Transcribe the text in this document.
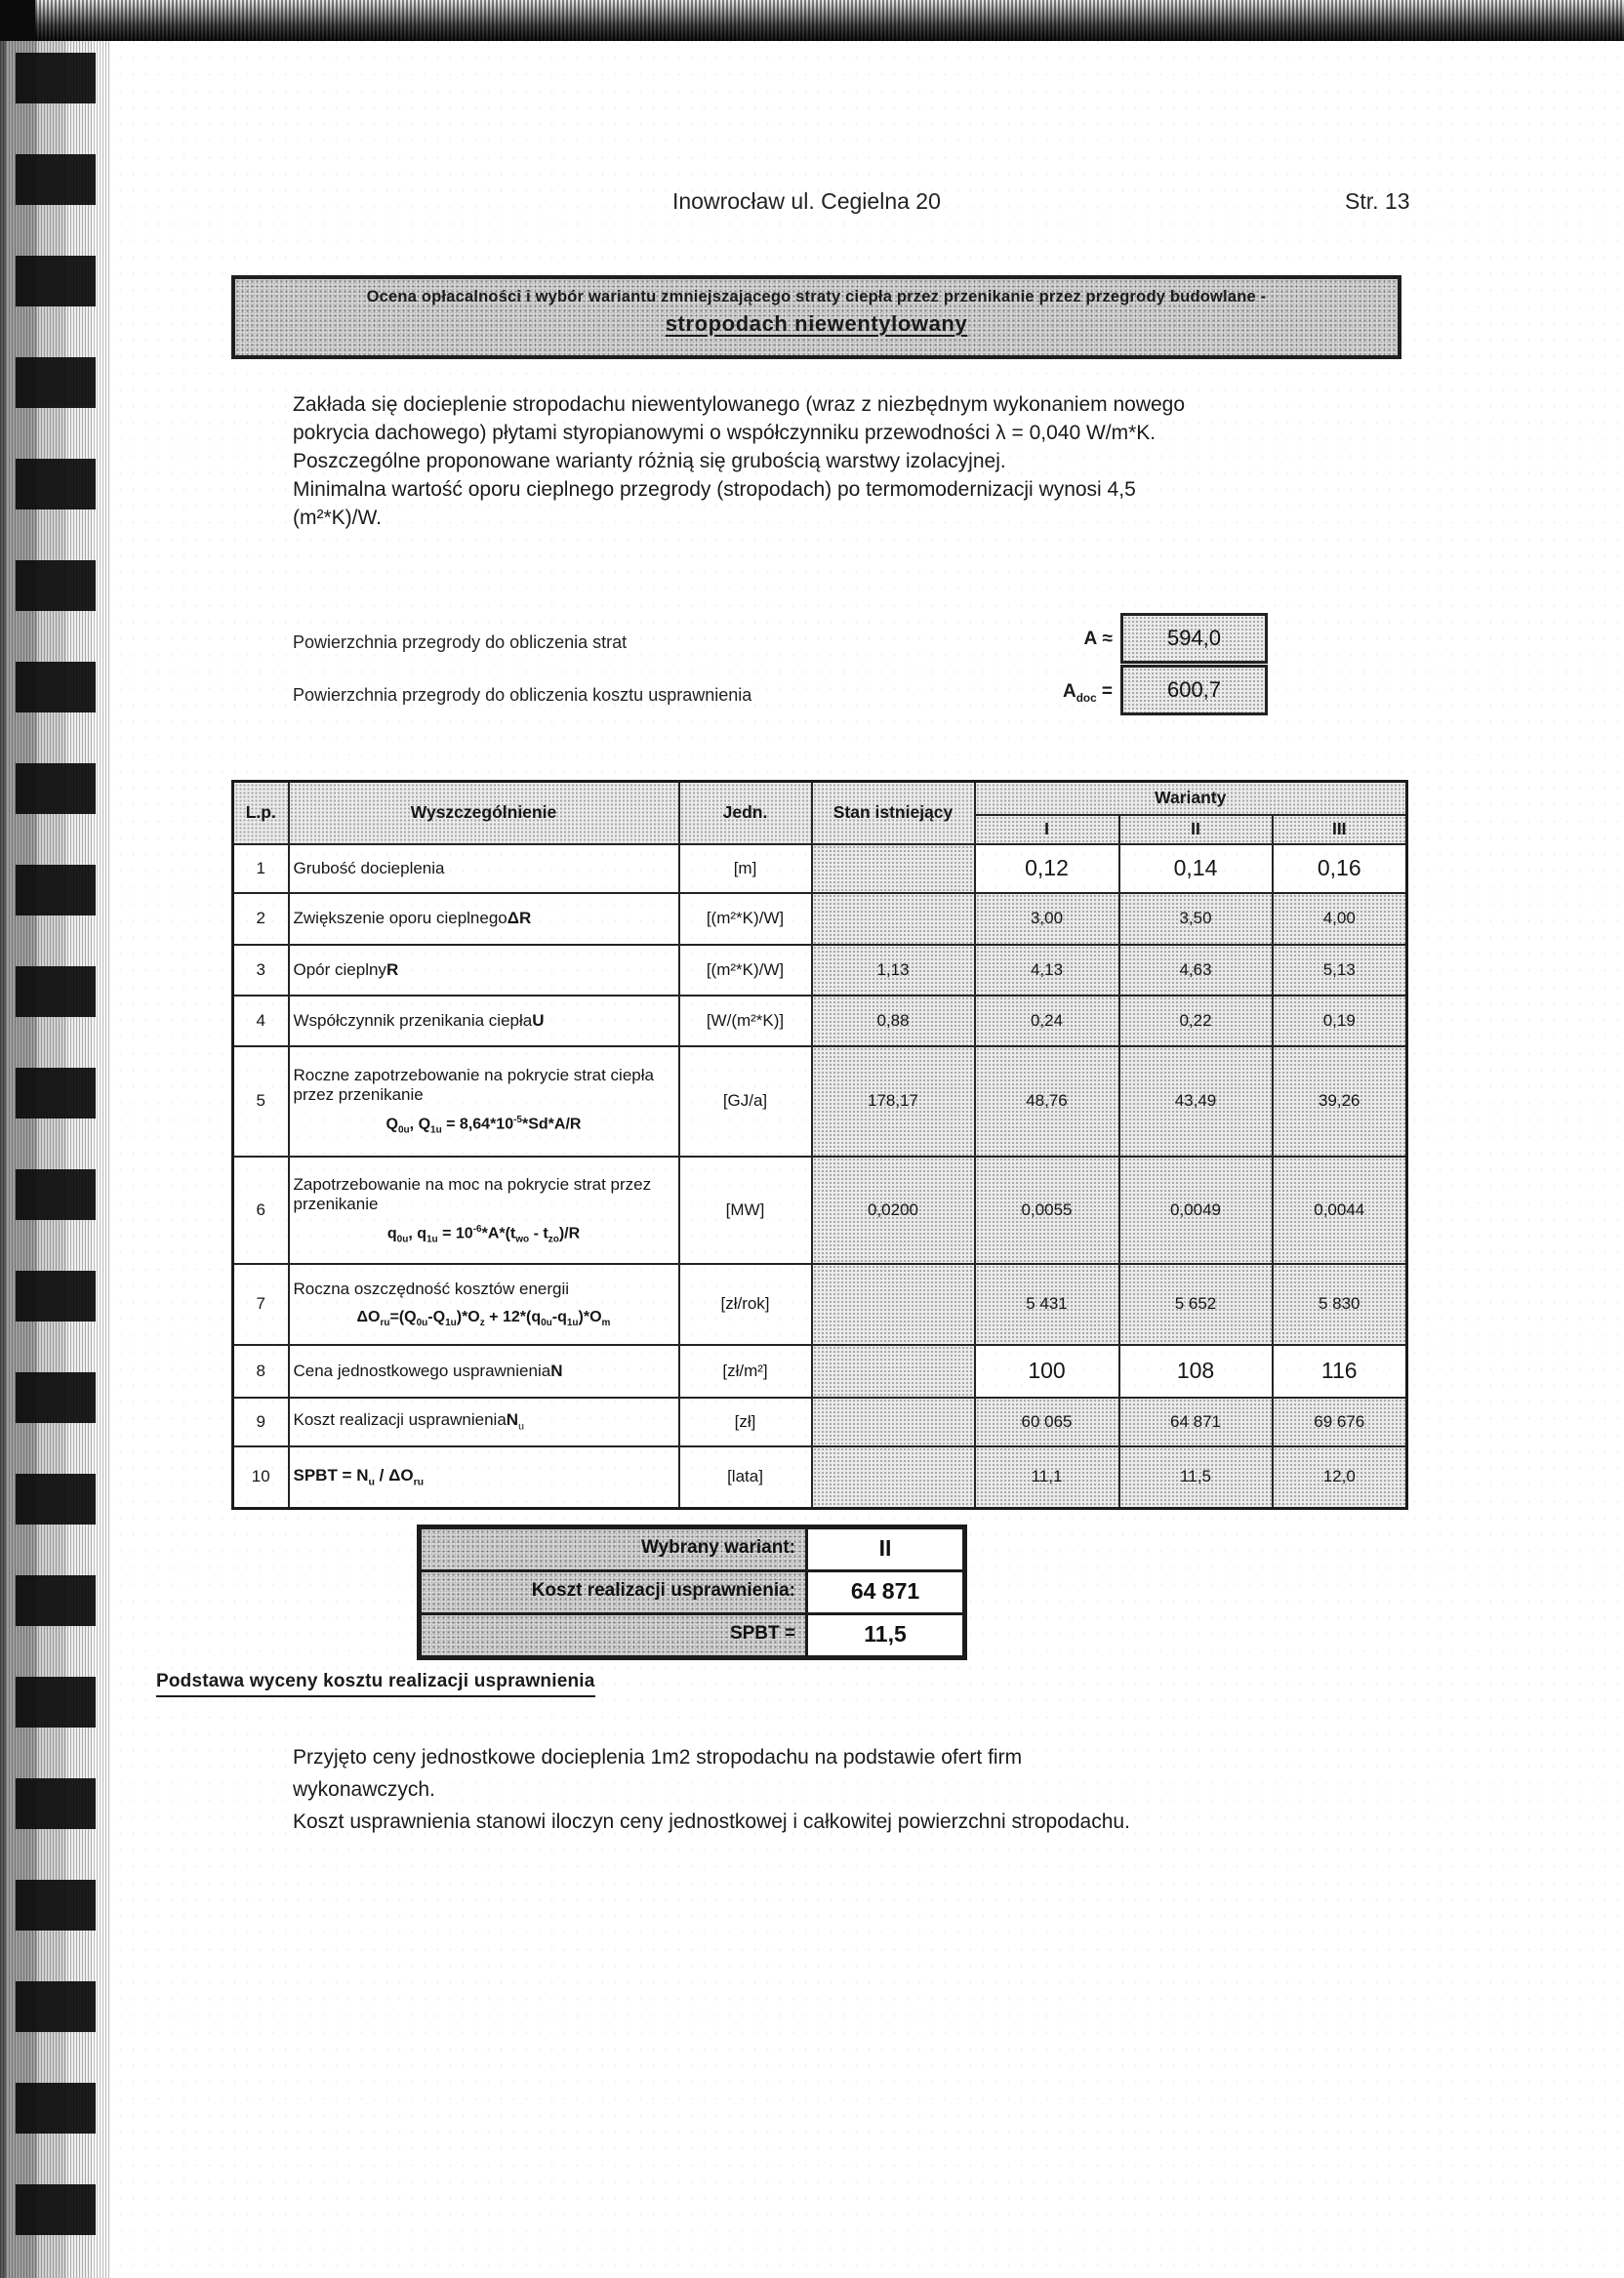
Inowrocław ul. Cegielna 20	Str. 13
Ocena opłacalności i wybór wariantu zmniejszającego straty ciepła przez przenikanie przez przegrody budowlane -
stropodach niewentylowany

Zakłada się docieplenie stropodachu niewentylowanego (wraz z niezbędnym wykonaniem nowego pokrycia dachowego) płytami styropianowymi o współczynniku przewodności λ = 0,040 W/m*K.

Poszczególne proponowane warianty różnią się grubością warstwy izolacyjnej.

Minimalna wartość oporu cieplnego przegrody (stropodach) po termomodernizacji wynosi 4,5 (m²*K)/W.

Powierzchnia przegrody do obliczenia strat	A ≈	594,0
Powierzchnia przegrody do obliczenia kosztu usprawnienia	$A_{doc}$ =	600,7
L.p.	Wyszczególnienie	Jedn.	Stan istniejący	Warianty		
				I	II	III
1	Grubość docieplenia	[m]		0,12	0,14	0,16
2	Zwiększenie oporu cieplnegoΔR	[(m²*K)/W]		3,00	3,50	4,00
3	Opór cieplnyR	[(m²*K)/W]	1,13	4,13	4,63	5,13
4	Współczynnik przenikania ciepłaU	[W/(m²*K)]	0,88	0,24	0,22	0,19
5	Roczne zapotrzebowanie na pokrycie strat ciepła przez przenikanie
$Q_{0u}$, $Q_{1u} = 8,64*10^{-5}*Sd*A/R$	[GJ/a]	178,17	48,76	43,49	39,26
6	Zapotrzebowanie na moc na pokrycie strat przez przenikanie
$q_{0u}$, $q_{1u} = 10^{-6}*A*(t_{wo} - t_{zo})/R$	[MW]	0,0200	0,0055	0,0049	0,0044
7	Roczna oszczędność kosztów energii
$\Delta O_{ru}=(Q_{0u}-Q_{1u})*O_z + 12*(q_{0u}-q_{1u})*O_m$	[zł/rok]		5 431	5 652	5 830
8	Cena jednostkowego usprawnieniaN	[zł/m²]		100	108	116
9	Koszt realizacji usprawnieniaN$_u$	[zł]		60 065	64 871	69 676
10	SPBT = $N_u / \Delta O_{ru}$	[lata]		11,1	11,5	12,0
Wybrany wariant:	II
Koszt realizacji usprawnienia:	64 871
SPBT =	11,5
Podstawa wyceny kosztu realizacji usprawnienia

Przyjęto ceny jednostkowe docieplenia 1m2 stropodachu na podstawie ofert firm wykonawczych.

Koszt usprawnienia stanowi iloczyn ceny jednostkowej i całkowitej powierzchni stropodachu.
